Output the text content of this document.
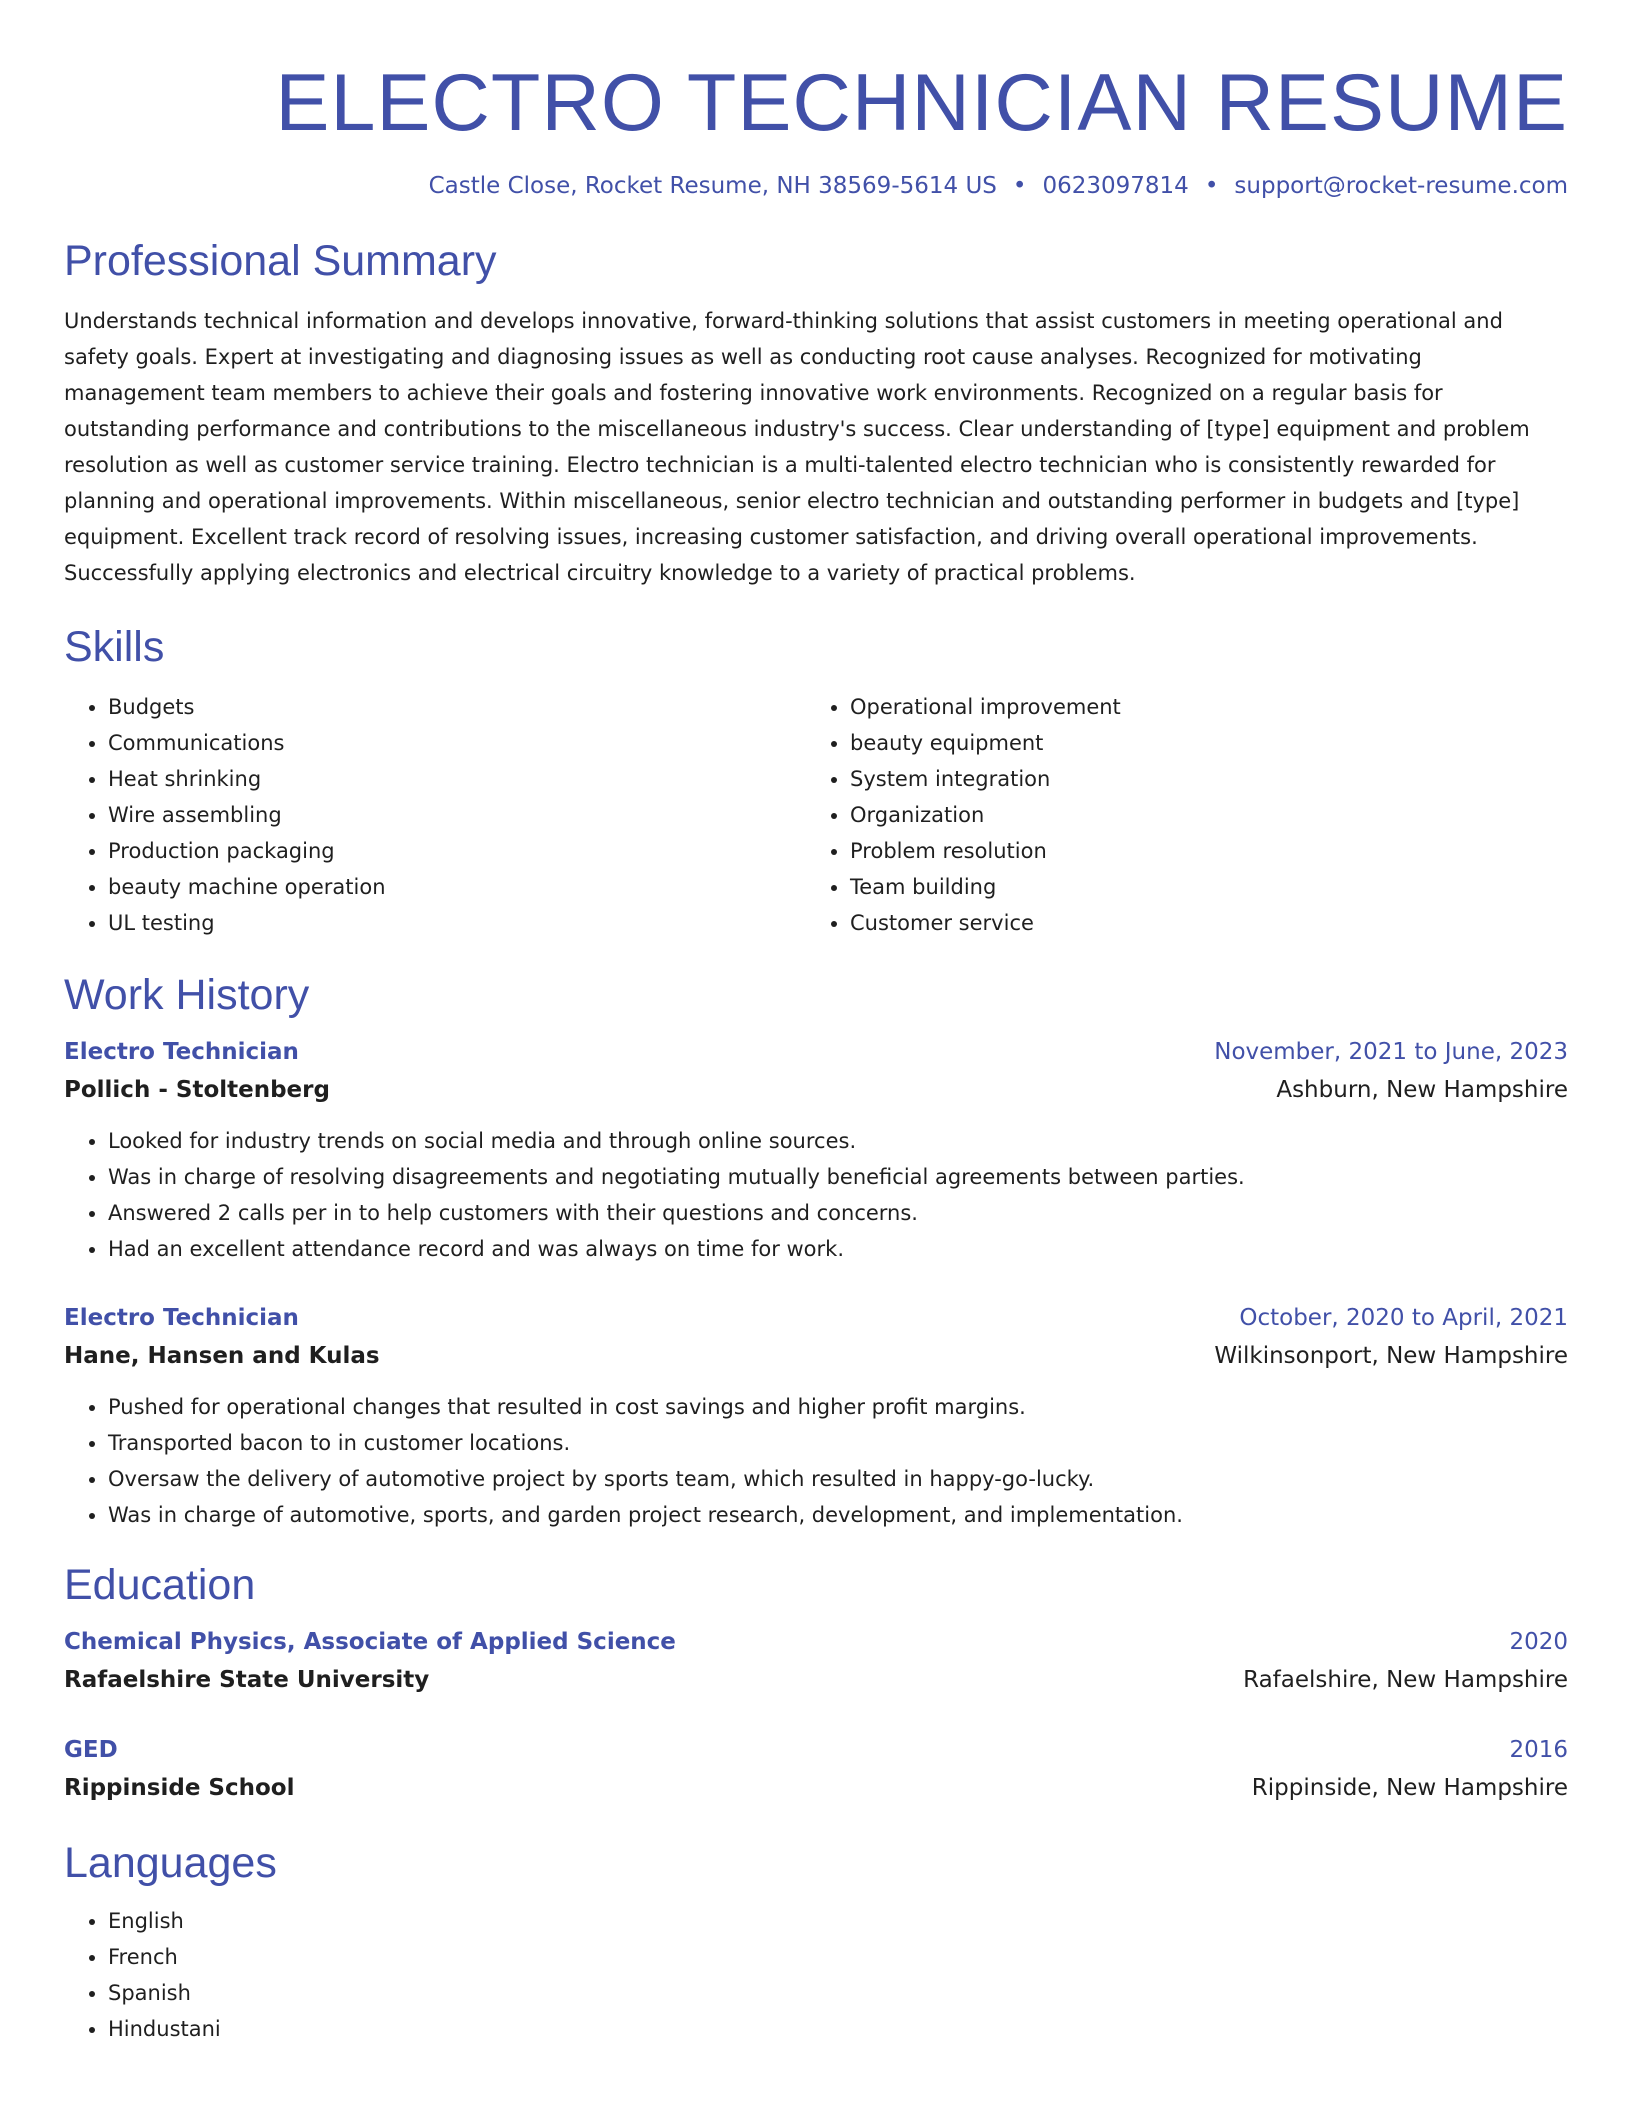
ELECTRO TECHNICIAN RESUME
Castle Close, Rocket Resume, NH 38569-5614 US • 0623097814 • support@rocket-resume.com
Professional Summary

Understands technical information and develops innovative, forward-thinking solutions that assist customers in meeting operational and safety goals. Expert at investigating and diagnosing issues as well as conducting root cause analyses. Recognized for motivating management team members to achieve their goals and fostering innovative work environments. Recognized on a regular basis for outstanding performance and contributions to the miscellaneous industry's success. Clear understanding of [type] equipment and problem resolution as well as customer service training. Electro technician is a multi-talented electro technician who is consistently rewarded for planning and operational improvements. Within miscellaneous, senior electro technician and outstanding performer in budgets and [type] equipment. Excellent track record of resolving issues, increasing customer satisfaction, and driving overall operational improvements. Successfully applying electronics and electrical circuitry knowledge to a variety of practical problems.

Skills
• Budgets
• Communications
• Heat shrinking
• Wire assembling
• Production packaging
• beauty machine operation
• UL testing
• Operational improvement
• beauty equipment
• System integration
• Organization
• Problem resolution
• Team building
• Customer service
Work History
Electro Technician	November, 2021 to June, 2023
Pollich - Stoltenberg	Ashburn, New Hampshire
• Looked for industry trends on social media and through online sources.
• Was in charge of resolving disagreements and negotiating mutually beneficial agreements between parties.
• Answered 2 calls per in to help customers with their questions and concerns.
• Had an excellent attendance record and was always on time for work.
Electro Technician	October, 2020 to April, 2021
Hane, Hansen and Kulas	Wilkinsonport, New Hampshire
• Pushed for operational changes that resulted in cost savings and higher profit margins.
• Transported bacon to in customer locations.
• Oversaw the delivery of automotive project by sports team, which resulted in happy-go-lucky.
• Was in charge of automotive, sports, and garden project research, development, and implementation.
Education
Chemical Physics, Associate of Applied Science	2020
Rafaelshire State University	Rafaelshire, New Hampshire
GED	2016
Rippinside School	Rippinside, New Hampshire
Languages
• English
• French
• Spanish
• Hindustani
